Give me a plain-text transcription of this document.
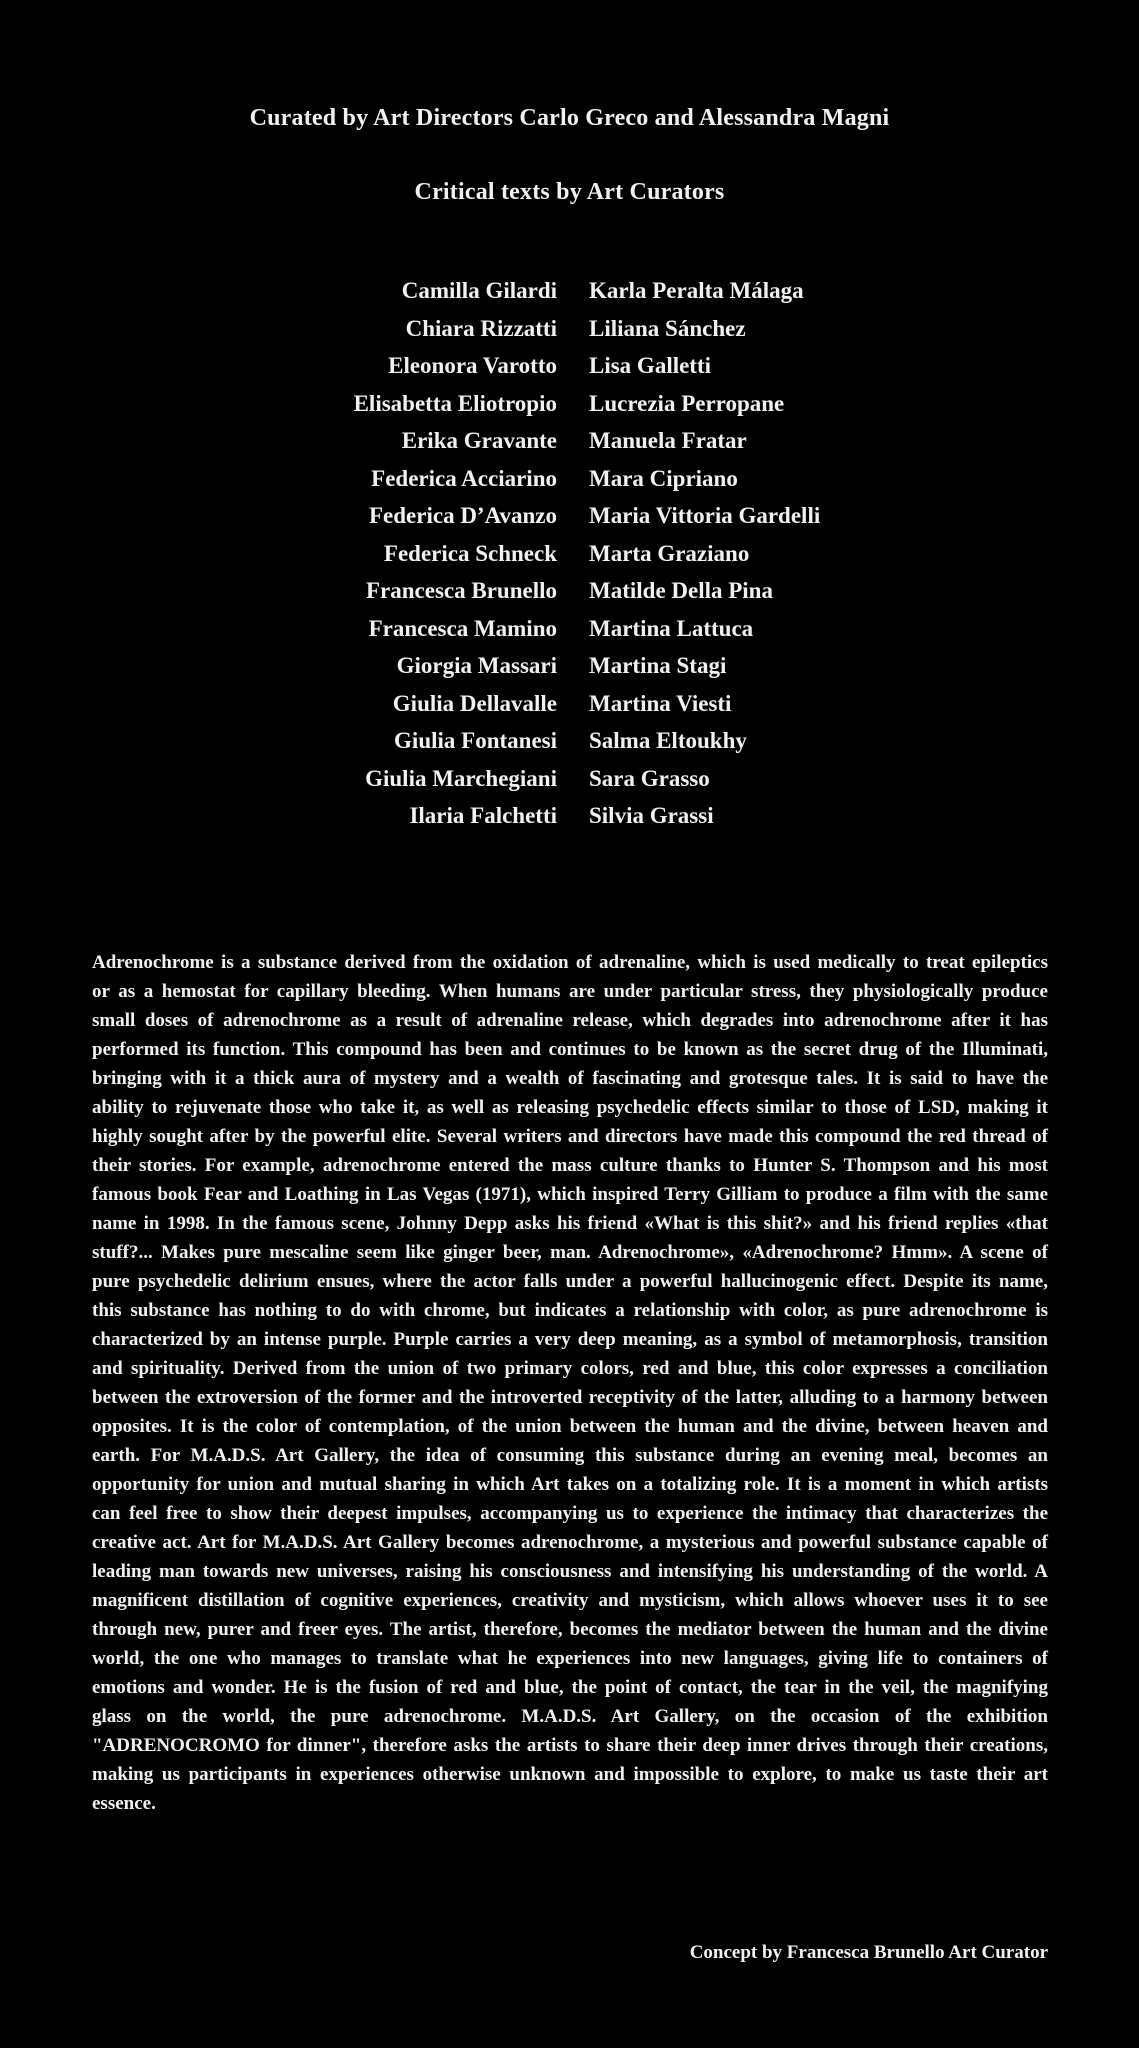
Curated by Art Directors Carlo Greco and Alessandra Magni
Critical texts by Art Curators
Camilla Gilardi
Chiara Rizzatti
Eleonora Varotto
Elisabetta Eliotropio
Erika Gravante
Federica Acciarino
Federica D’Avanzo
Federica Schneck
Francesca Brunello
Francesca Mamino
Giorgia Massari
Giulia Dellavalle
Giulia Fontanesi
Giulia Marchegiani
Ilaria Falchetti
Karla Peralta Málaga
Liliana Sánchez
Lisa Galletti
Lucrezia Perropane
Manuela Fratar
Mara Cipriano
Maria Vittoria Gardelli
Marta Graziano
Matilde Della Pina
Martina Lattuca
Martina Stagi
Martina Viesti
Salma Eltoukhy
Sara Grasso
Silvia Grassi
Adrenochrome is a substance derived from the oxidation of adrenaline, which is used medically to treat epileptics or as a hemostat for capillary bleeding. When humans are under particular stress, they physiologically produce small doses of adrenochrome as a result of adrenaline release, which degrades into adrenochrome after it has performed its function. This compound has been and continues to be known as the secret drug of the Illuminati, bringing with it a thick aura of mystery and a wealth of fascinating and grotesque tales. It is said to have the ability to rejuvenate those who take it, as well as releasing psychedelic effects similar to those of LSD, making it highly sought after by the powerful elite. Several writers and directors have made this compound the red thread of their stories. For example, adrenochrome entered the mass culture thanks to Hunter S. Thompson and his most famous book Fear and Loathing in Las Vegas (1971), which inspired Terry Gilliam to produce a film with the same name in 1998. In the famous scene, Johnny Depp asks his friend «What is this shit?» and his friend replies «that stuff?... Makes pure mescaline seem like ginger beer, man. Adrenochrome», «Adrenochrome? Hmm». A scene of pure psychedelic delirium ensues, where the actor falls under a powerful hallucinogenic effect. Despite its name, this substance has nothing to do with chrome, but indicates a relationship with color, as pure adrenochrome is characterized by an intense purple. Purple carries a very deep meaning, as a symbol of metamorphosis, transition and spirituality. Derived from the union of two primary colors, red and blue, this color expresses a conciliation between the extroversion of the former and the introverted receptivity of the latter, alluding to a harmony between opposites. It is the color of contemplation, of the union between the human and the divine, between heaven and earth. For M.A.D.S. Art Gallery, the idea of consuming this substance during an evening meal, becomes an opportunity for union and mutual sharing in which Art takes on a totalizing role. It is a moment in which artists can feel free to show their deepest impulses, accompanying us to experience the intimacy that characterizes the creative act. Art for M.A.D.S. Art Gallery becomes adrenochrome, a mysterious and powerful substance capable of leading man towards new universes, raising his consciousness and intensifying his understanding of the world. A magnificent distillation of cognitive experiences, creativity and mysticism, which allows whoever uses it to see through new, purer and freer eyes. The artist, therefore, becomes the mediator between the human and the divine world, the one who manages to translate what he experiences into new languages, giving life to containers of emotions and wonder. He is the fusion of red and blue, the point of contact, the tear in the veil, the magnifying glass on the world, the pure adrenochrome. M.A.D.S. Art Gallery, on the occasion of the exhibition "ADRENOCROMO for dinner", therefore asks the artists to share their deep inner drives through their creations, making us participants in experiences otherwise unknown and impossible to explore, to make us taste their art essence.
Concept by Francesca Brunello Art Curator
